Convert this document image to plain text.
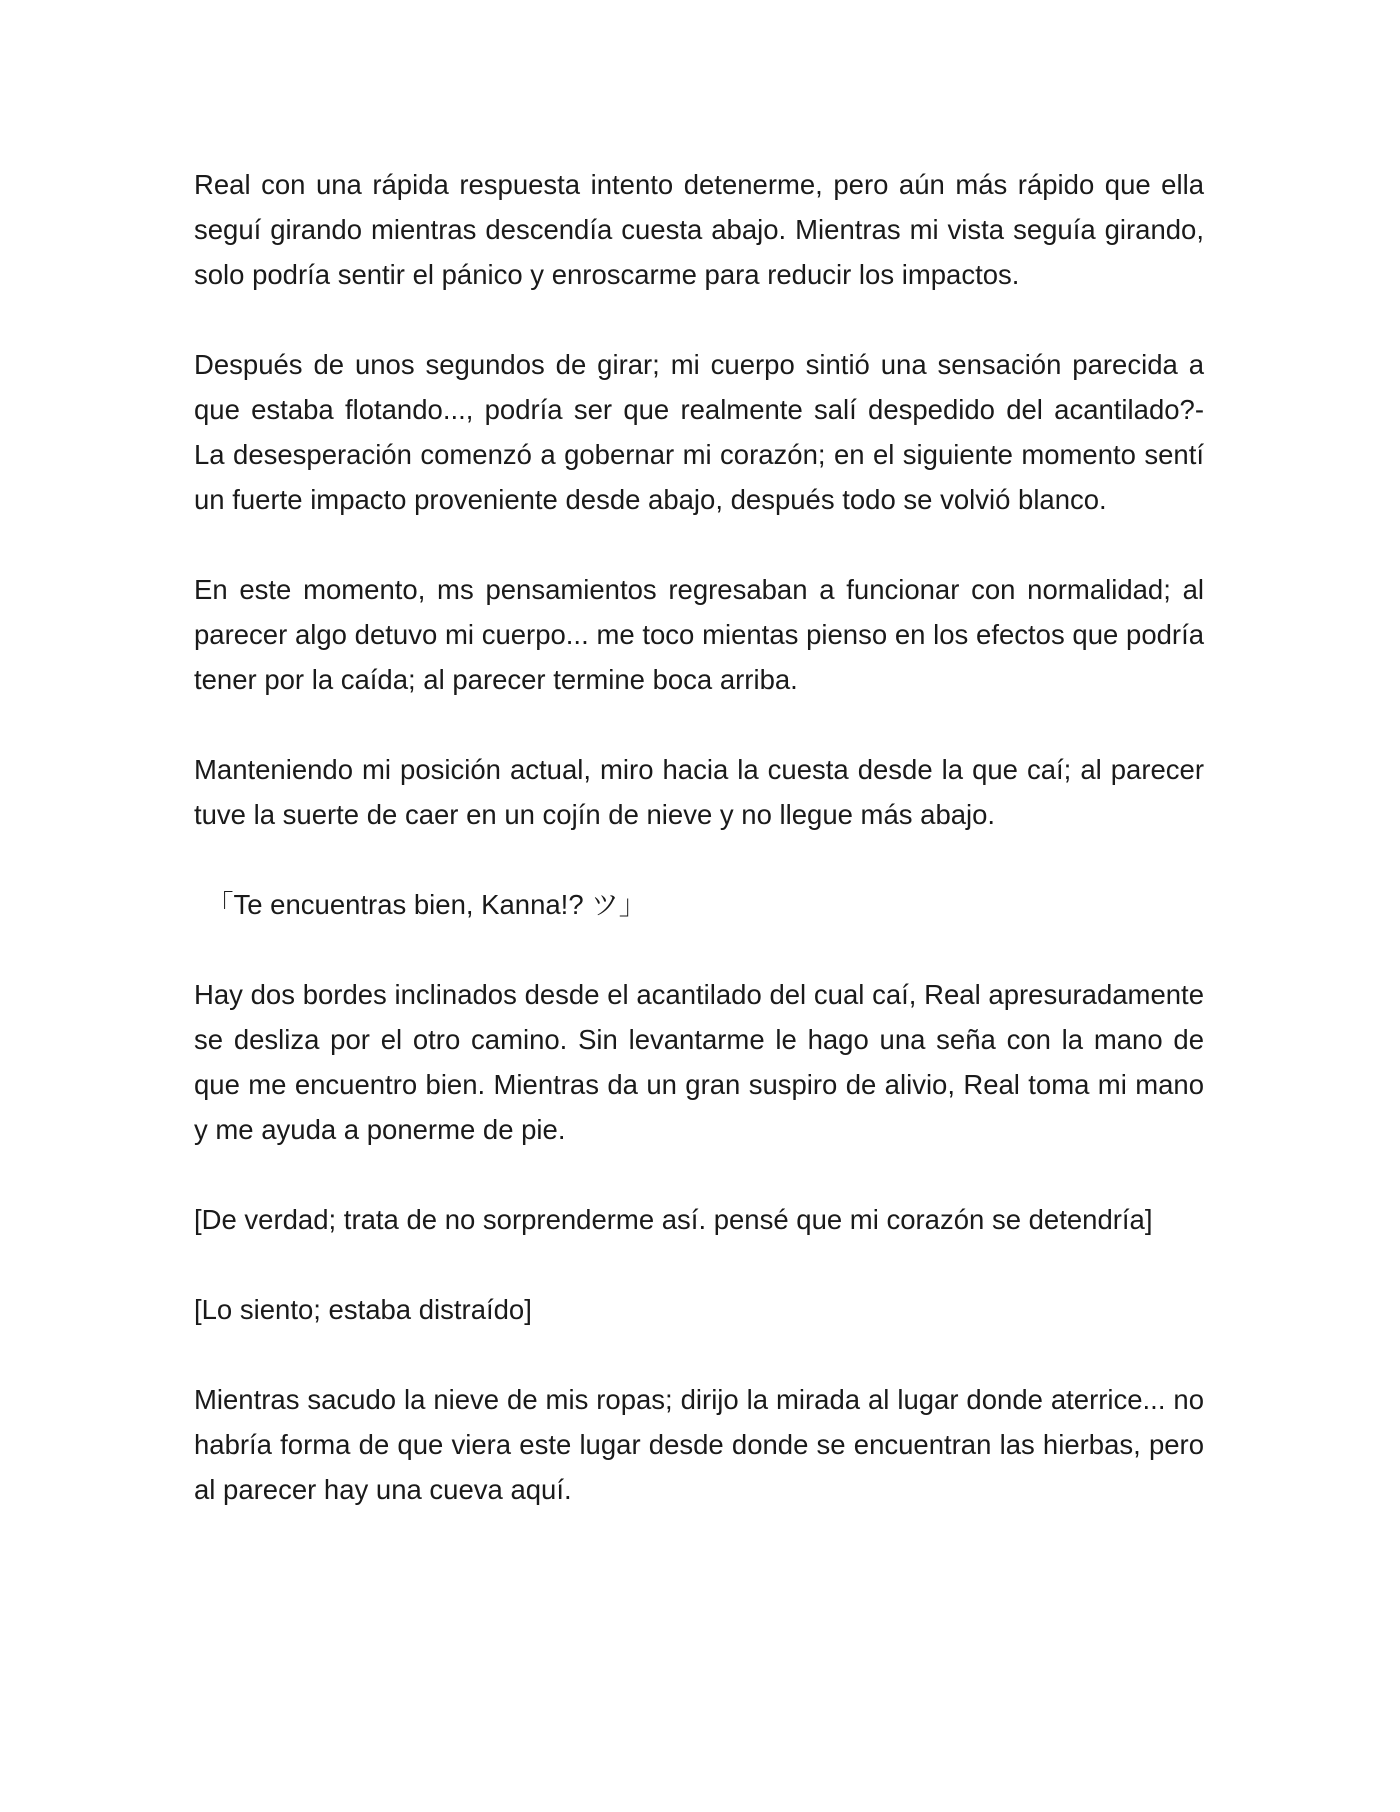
Real con una rápida respuesta intento detenerme, pero aún más rápido que ella seguí girando mientras descendía cuesta abajo. Mientras mi vista seguía girando, solo podría sentir el pánico y enroscarme para reducir los impactos.

Después de unos segundos de girar; mi cuerpo sintió una sensación parecida a que estaba flotando..., podría ser que realmente salí despedido del acantilado?- La desesperación comenzó a gobernar mi corazón; en el siguiente momento sentí un fuerte impacto proveniente desde abajo, después todo se volvió blanco.

En este momento, ms pensamientos regresaban a funcionar con normalidad; al parecer algo detuvo mi cuerpo... me toco mientas pienso en los efectos que podría tener por la caída; al parecer termine boca arriba.

Manteniendo mi posición actual, miro hacia la cuesta desde la que caí; al parecer tuve la suerte de caer en un cojín de nieve y no llegue más abajo.

「Te encuentras bien, Kanna!? ツ」

Hay dos bordes inclinados desde el acantilado del cual caí, Real apresuradamente se desliza por el otro camino. Sin levantarme le hago una seña con la mano de que me encuentro bien. Mientras da un gran suspiro de alivio, Real toma mi mano y me ayuda a ponerme de pie.

[De verdad; trata de no sorprenderme así. pensé que mi corazón se detendría]

[Lo siento; estaba distraído]

Mientras sacudo la nieve de mis ropas; dirijo la mirada al lugar donde aterrice... no habría forma de que viera este lugar desde donde se encuentran las hierbas, pero al parecer hay una cueva aquí.
